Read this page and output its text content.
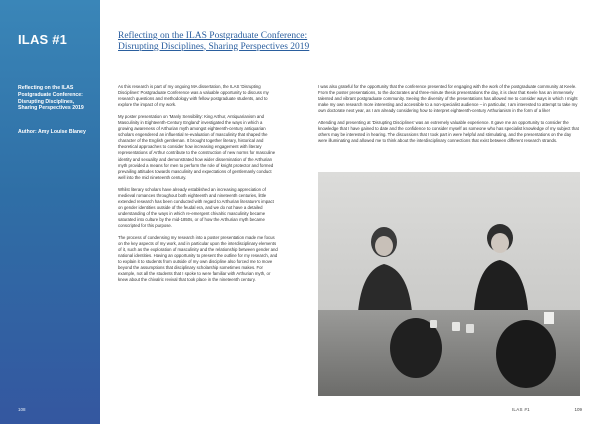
ILAS #1
Reflecting on the ILAS Postgraduate Conference: Disrupting Disciplines, Sharing Perspectives 2019
Author: Amy Louise Blaney
108
Reflecting on the ILAS Postgraduate Conference: Disrupting Disciplines, Sharing Perspectives 2019

As this research is part of my ongoing MA dissertation, the ILAS 'Disrupting Disciplines' Postgraduate Conference was a valuable opportunity to discuss my research questions and methodology with fellow postgraduate students, and to explore the impact of my work.

My poster presentation on 'Manly Sensibility: King Arthur, Antiquarianism and Masculinity in Eighteenth-Century England' investigated the ways in which a growing awareness of Arthurian myth amongst eighteenth-century antiquarian scholars engendered an influential re-evaluation of masculinity that shaped the character of the English gentleman. It brought together literary, historical and theoretical approaches to consider how increasing engagement with literary representations of Arthur contribute to the construction of new norms for masculine identity and sexuality and demonstrated how wider dissemination of the Arthurian myth provided a means for men to perform the role of knight protector and formed prevailing attitudes towards masculinity and expectations of gentlemanly conduct well into the mid nineteenth century.

Whilst literary scholars have already established an increasing appreciation of medieval romances throughout both eighteenth and nineteenth centuries, little extended research has been conducted with regard to Arthurian literature's impact on gender identities outside of the feudal era, and we do not have a detailed understanding of the ways in which re-emergent chivalric masculinity became saturated into culture by the mid-1850s, or of how the Arthurian myth became conscripted for this purpose.

The process of condensing my research into a poster presentation made me focus on the key aspects of my work, and in particular upon the interdisciplinary elements of it, such as the exploration of masculinity and the relationship between gender and national identities. Having an opportunity to present the outline for my research, and to explain it to students from outside of my own discipline also forced me to move beyond the assumptions that disciplinary scholarship sometimes makes. For example, not all the students that I spoke to were familiar with Arthurian myth, or knew about the chivalric revival that took place in the nineteenth century.

I was also grateful for the opportunity that the conference presented for engaging with the work of the postgraduate community at Keele. From the poster presentations, to the doctorates and three-minute thesis presentations the day, it is clear that Keele has an immensely talented and vibrant postgraduate community. Seeing the diversity of the presentations has allowed me to consider ways in which I might make my own research more interesting and accessible to a non-specialist audience – in particular, I am interested to attempt to take my own doctorate next year, as I am already considering how to interpret eighteenth-century Arthurianism in the form of a like!

Attending and presenting at 'Disrupting Disciplines' was an extremely valuable experience. It gave me an opportunity to consider the knowledge that I have gained to date and the confidence to consider myself as someone who has specialist knowledge of my subject that others may be interested in hearing. The discussions that I took part in were helpful and stimulating, and the presentations on the day were illuminating and allowed me to think about the interdisciplinary connections that exist between different research strands.

ILAS #1	109
